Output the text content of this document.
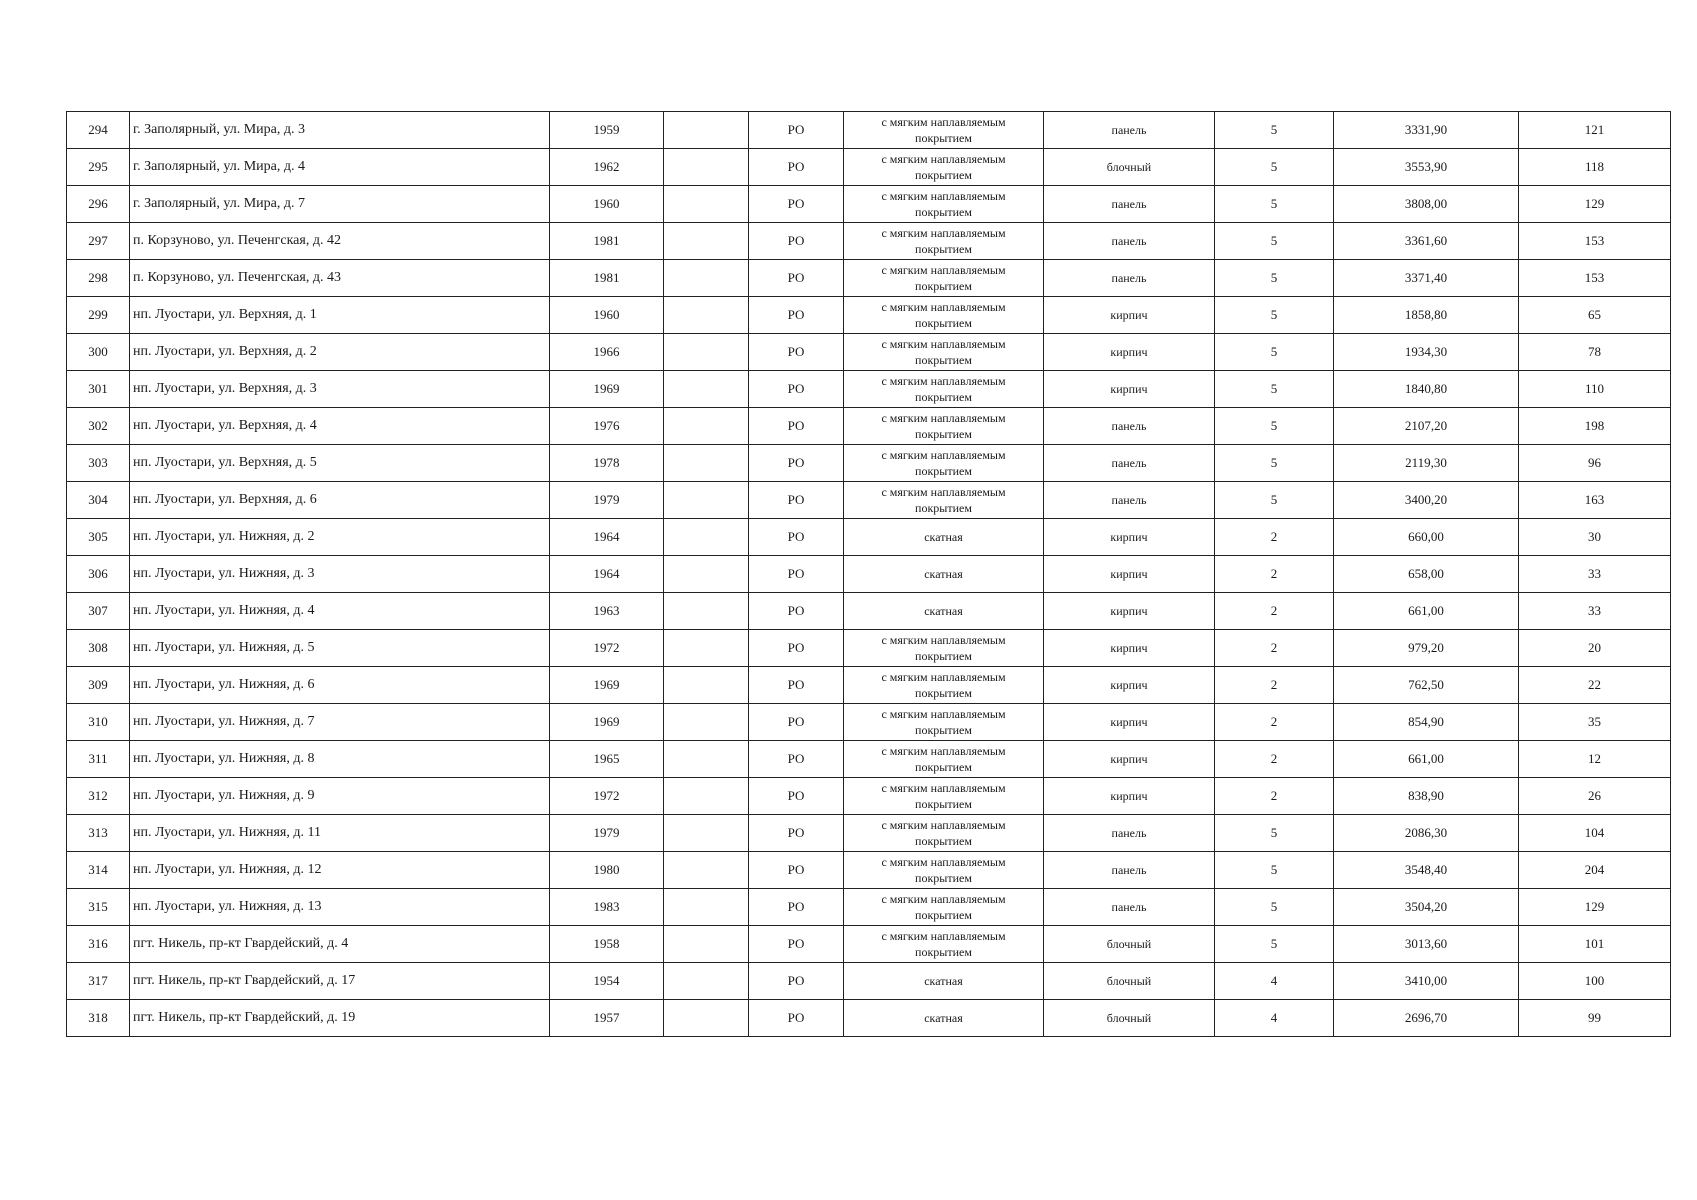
294	г. Заполярный, ул. Мира, д. 3	1959		РО	с мягким наплавляемым покрытием	панель	5	3331,90	121
295	г. Заполярный, ул. Мира, д. 4	1962		РО	с мягким наплавляемым покрытием	блочный	5	3553,90	118
296	г. Заполярный, ул. Мира, д. 7	1960		РО	с мягким наплавляемым покрытием	панель	5	3808,00	129
297	п. Корзуново, ул. Печенгская, д. 42	1981		РО	с мягким наплавляемым покрытием	панель	5	3361,60	153
298	п. Корзуново, ул. Печенгская, д. 43	1981		РО	с мягким наплавляемым покрытием	панель	5	3371,40	153
299	нп. Луостари, ул. Верхняя, д. 1	1960		РО	с мягким наплавляемым покрытием	кирпич	5	1858,80	65
300	нп. Луостари, ул. Верхняя, д. 2	1966		РО	с мягким наплавляемым покрытием	кирпич	5	1934,30	78
301	нп. Луостари, ул. Верхняя, д. 3	1969		РО	с мягким наплавляемым покрытием	кирпич	5	1840,80	110
302	нп. Луостари, ул. Верхняя, д. 4	1976		РО	с мягким наплавляемым покрытием	панель	5	2107,20	198
303	нп. Луостари, ул. Верхняя, д. 5	1978		РО	с мягким наплавляемым покрытием	панель	5	2119,30	96
304	нп. Луостари, ул. Верхняя, д. 6	1979		РО	с мягким наплавляемым покрытием	панель	5	3400,20	163
305	нп. Луостари, ул. Нижняя, д. 2	1964		РО	скатная	кирпич	2	660,00	30
306	нп. Луостари, ул. Нижняя, д. 3	1964		РО	скатная	кирпич	2	658,00	33
307	нп. Луостари, ул. Нижняя, д. 4	1963		РО	скатная	кирпич	2	661,00	33
308	нп. Луостари, ул. Нижняя, д. 5	1972		РО	с мягким наплавляемым покрытием	кирпич	2	979,20	20
309	нп. Луостари, ул. Нижняя, д. 6	1969		РО	с мягким наплавляемым покрытием	кирпич	2	762,50	22
310	нп. Луостари, ул. Нижняя, д. 7	1969		РО	с мягким наплавляемым покрытием	кирпич	2	854,90	35
311	нп. Луостари, ул. Нижняя, д. 8	1965		РО	с мягким наплавляемым покрытием	кирпич	2	661,00	12
312	нп. Луостари, ул. Нижняя, д. 9	1972		РО	с мягким наплавляемым покрытием	кирпич	2	838,90	26
313	нп. Луостари, ул. Нижняя, д. 11	1979		РО	с мягким наплавляемым покрытием	панель	5	2086,30	104
314	нп. Луостари, ул. Нижняя, д. 12	1980		РО	с мягким наплавляемым покрытием	панель	5	3548,40	204
315	нп. Луостари, ул. Нижняя, д. 13	1983		РО	с мягким наплавляемым покрытием	панель	5	3504,20	129
316	пгт. Никель, пр-кт Гвардейский, д. 4	1958		РО	с мягким наплавляемым покрытием	блочный	5	3013,60	101
317	пгт. Никель, пр-кт Гвардейский, д. 17	1954		РО	скатная	блочный	4	3410,00	100
318	пгт. Никель, пр-кт Гвардейский, д. 19	1957		РО	скатная	блочный	4	2696,70	99
